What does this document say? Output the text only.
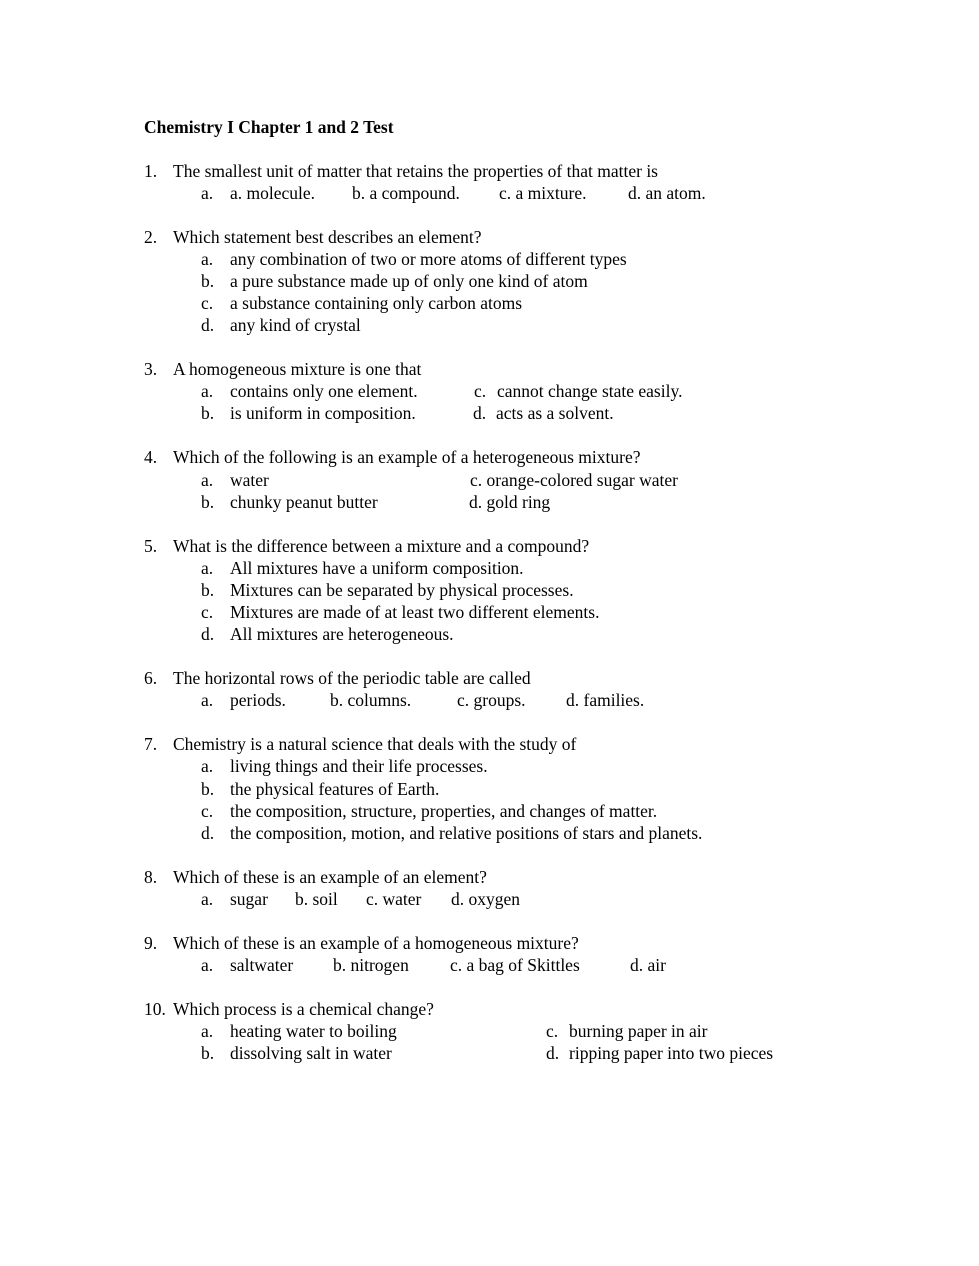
Chemistry I Chapter 1 and 2 Test
1. The smallest unit of matter that retains the properties of that matter is
a. a. molecule. b. a compound. c. a mixture. d. an atom.
2. Which statement best describes an element?
a. any combination of two or more atoms of different types
b. a pure substance made up of only one kind of atom
c. a substance containing only carbon atoms
d. any kind of crystal
3. A homogeneous mixture is one that
a. contains only one element.	c. cannot change state easily.
b. is uniform in composition.	d. acts as a solvent.
4. Which of the following is an example of a heterogeneous mixture?
a. water	c. orange-colored sugar water
b. chunky peanut butter	d. gold ring
5. What is the difference between a mixture and a compound?
a. All mixtures have a uniform composition.
b. Mixtures can be separated by physical processes.
c. Mixtures are made of at least two different elements.
d. All mixtures are heterogeneous.
6. The horizontal rows of the periodic table are called
a. periods.	b. columns.	c. groups. d. families.
7. Chemistry is a natural science that deals with the study of
a. living things and their life processes.
b. the physical features of Earth.
c. the composition, structure, properties, and changes of matter.
d. the composition, motion, and relative positions of stars and planets.
8. Which of these is an example of an element?
a. sugar b. soil c. water d. oxygen
9. Which of these is an example of a homogeneous mixture?
a. saltwater b. nitrogen c. a bag of Skittles	d. air
10. Which process is a chemical change?
a. heating water to boiling	c. burning paper in air
b. dissolving salt in water	d. ripping paper into two pieces
